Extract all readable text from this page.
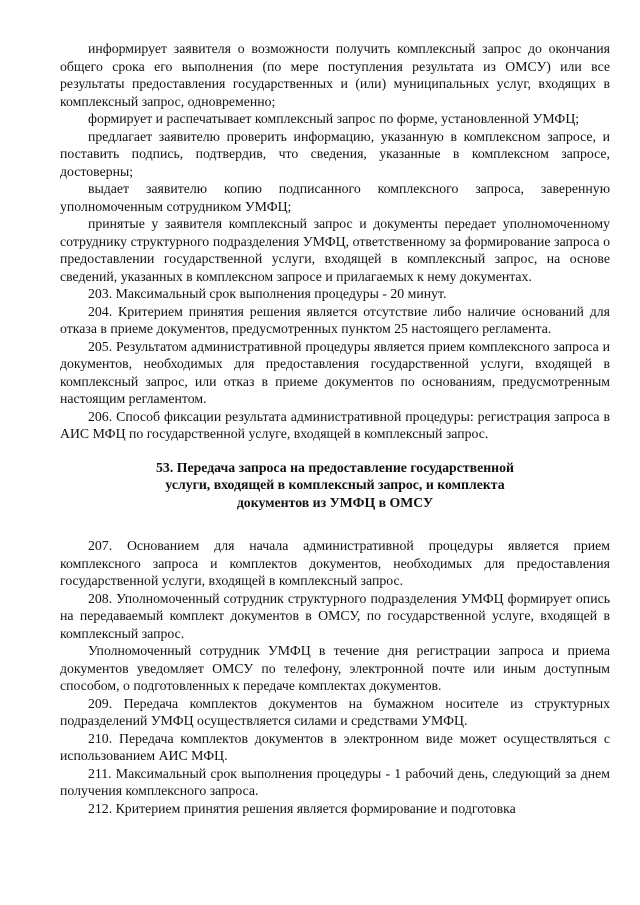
информирует заявителя о возможности получить комплексный запрос до окончания общего срока его выполнения (по мере поступления результата из ОМСУ) или все результаты предоставления государственных и (или) муниципальных услуг, входящих в комплексный запрос, одновременно;

формирует и распечатывает комплексный запрос по форме, установленной УМФЦ;

предлагает заявителю проверить информацию, указанную в комплексном запросе, и поставить подпись, подтвердив, что сведения, указанные в комплексном запросе, достоверны;

выдает заявителю копию подписанного комплексного запроса, заверенную уполномоченным сотрудником УМФЦ;

принятые у заявителя комплексный запрос и документы передает уполномоченному сотруднику структурного подразделения УМФЦ, ответственному за формирование запроса о предоставлении государственной услуги, входящей в комплексный запрос, на основе сведений, указанных в комплексном запросе и прилагаемых к нему документах.

203. Максимальный срок выполнения процедуры - 20 минут.

204. Критерием принятия решения является отсутствие либо наличие оснований для отказа в приеме документов, предусмотренных пунктом 25 настоящего регламента.

205. Результатом административной процедуры является прием комплексного запроса и документов, необходимых для предоставления государственной услуги, входящей в комплексный запрос, или отказ в приеме документов по основаниям, предусмотренным настоящим регламентом.

206. Способ фиксации результата административной процедуры: регистрация запроса в АИС МФЦ по государственной услуге, входящей в комплексный запрос.

53. Передача запроса на предоставление государственной
услуги, входящей в комплексный запрос, и комплекта
документов из УМФЦ в ОМСУ

207. Основанием для начала административной процедуры является прием комплексного запроса и комплектов документов, необходимых для предоставления государственной услуги, входящей в комплексный запрос.

208. Уполномоченный сотрудник структурного подразделения УМФЦ формирует опись на передаваемый комплект документов в ОМСУ, по государственной услуге, входящей в комплексный запрос.

Уполномоченный сотрудник УМФЦ в течение дня регистрации запроса и приема документов уведомляет ОМСУ по телефону, электронной почте или иным доступным способом, о подготовленных к передаче комплектах документов.

209. Передача комплектов документов на бумажном носителе из структурных подразделений УМФЦ осуществляется силами и средствами УМФЦ.

210. Передача комплектов документов в электронном виде может осуществляться с использованием АИС МФЦ.

211. Максимальный срок выполнения процедуры - 1 рабочий день, следующий за днем получения комплексного запроса.

212. Критерием принятия решения является формирование и подготовка
